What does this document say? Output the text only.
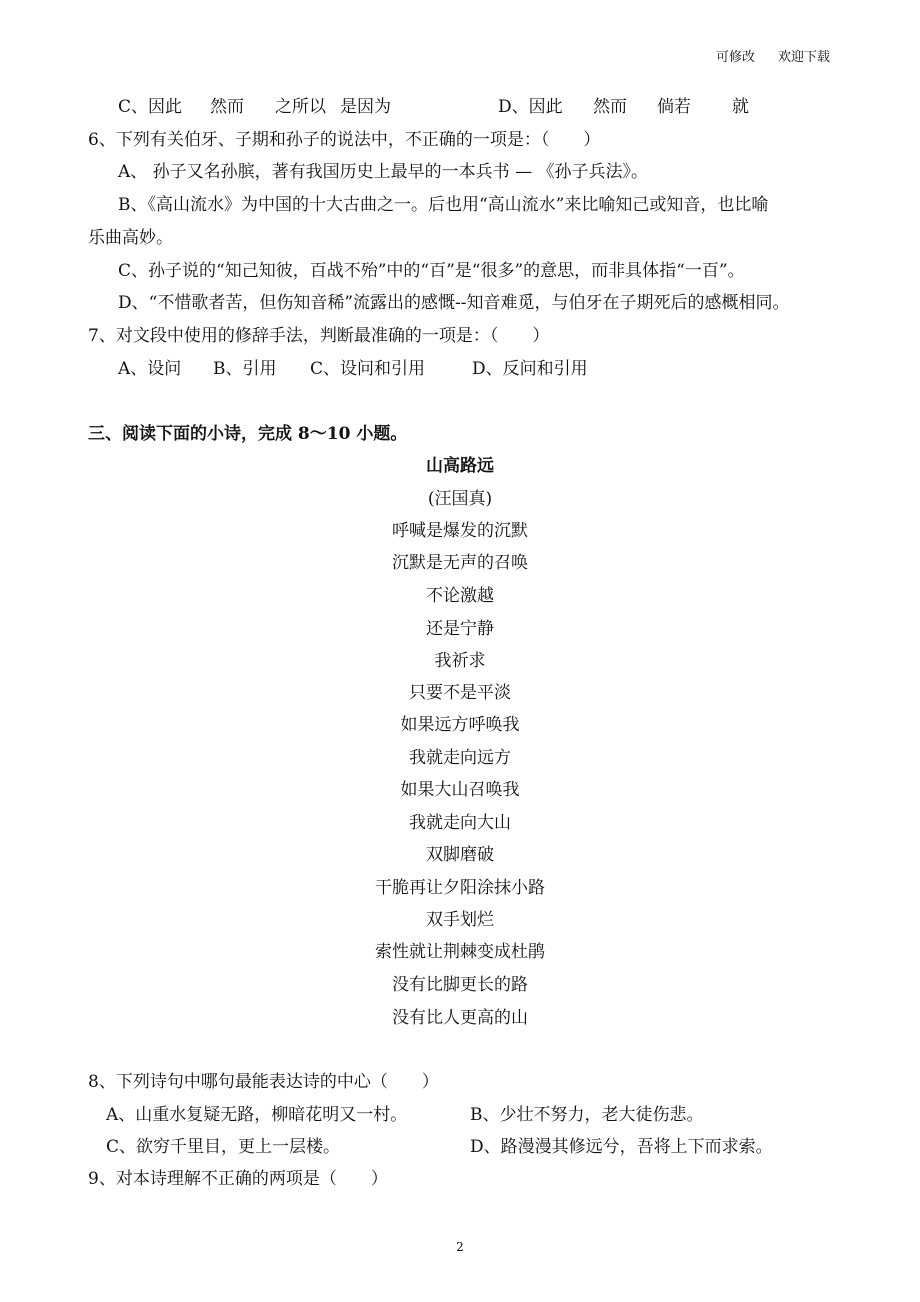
可修改 欢迎下载
C、因此 然而 之所以 是因为	D、因此 然而 倘若 就
6、下列有关伯牙、子期和孙子的说法中，不正确的一项是：（　　）
A、 孙子又名孙膑，著有我国历史上最早的一本兵书 — 《孙子兵法》。
B、《高山流水》为中国的十大古曲之一。后也用“高山流水”来比喻知己或知音，也比喻
乐曲高妙。
C、孙子说的“知己知彼，百战不殆”中的“百”是“很多”的意思，而非具体指“一百”。
D、“不惜歌者苦，但伤知音稀”流露出的感慨--知音难觅，与伯牙在子期死后的感概相同。
7、对文段中使用的修辞手法，判断最准确的一项是：（　　）
A、设问 B、引用 C、设问和引用	D、反问和引用
三、阅读下面的小诗，完成 8～10 小题。
山高路远
(汪国真)
呼喊是爆发的沉默
沉默是无声的召唤
不论激越
还是宁静
我祈求
只要不是平淡
如果远方呼唤我
我就走向远方
如果大山召唤我
我就走向大山
双脚磨破
干脆再让夕阳涂抹小路
双手划烂
索性就让荆棘变成杜鹃
没有比脚更长的路
没有比人更高的山
8、下列诗句中哪句最能表达诗的中心（　　）
A、山重水复疑无路，柳暗花明又一村。	B、少壮不努力，老大徒伤悲。
C、欲穷千里目，更上一层楼。	D、路漫漫其修远兮，吾将上下而求索。
9、对本诗理解不正确的两项是（　　）
2
